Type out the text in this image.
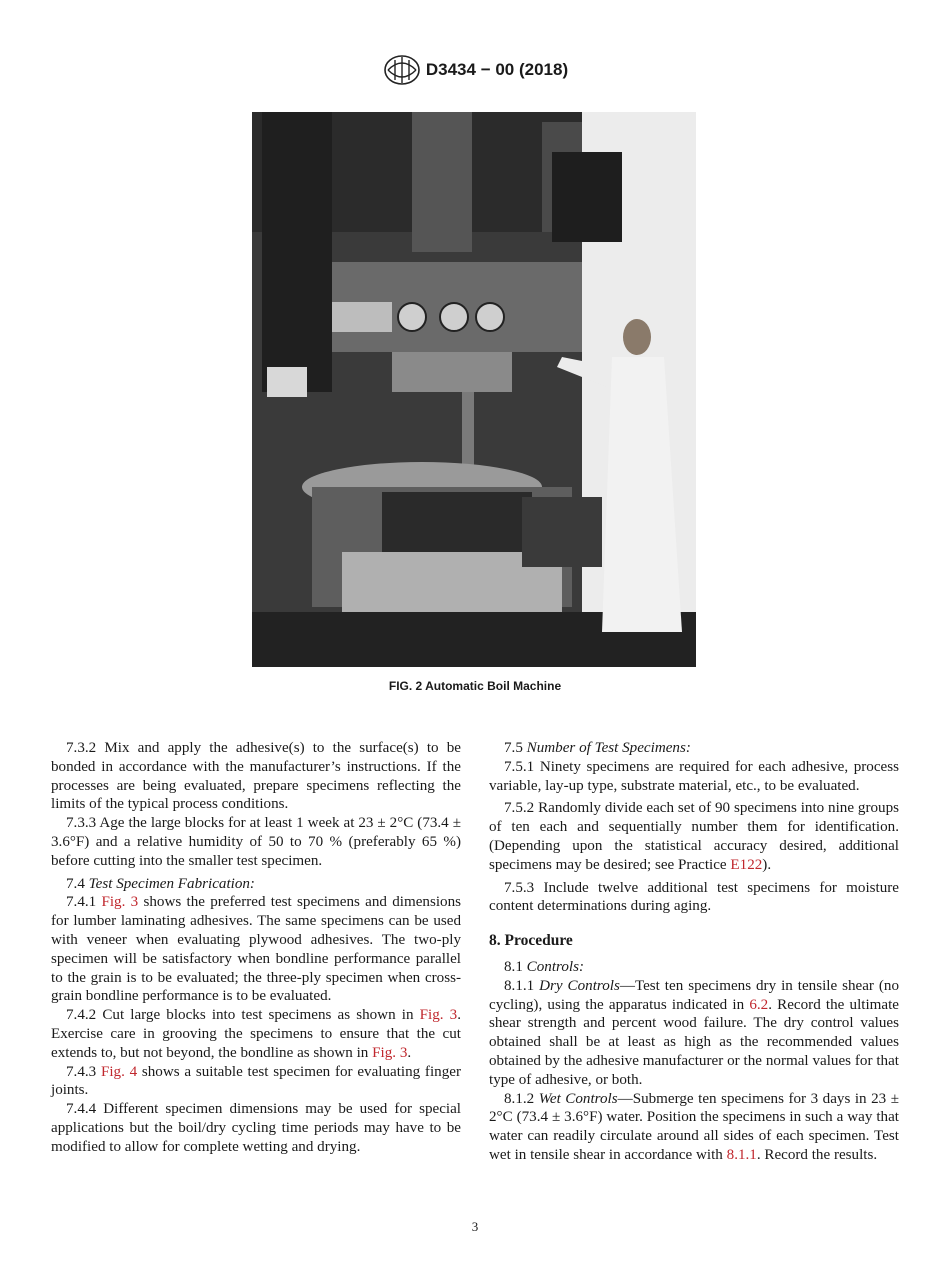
D3434 − 00 (2018)
FIG. 2 Automatic Boil Machine

7.3.2 Mix and apply the adhesive(s) to the surface(s) to be bonded in accordance with the manufacturer’s instructions. If the processes are being evaluated, prepare specimens reflecting the limits of the typical process conditions.

7.3.3 Age the large blocks for at least 1 week at 23 ± 2°C (73.4 ± 3.6°F) and a relative humidity of 50 to 70 % (preferably 65 %) before cutting into the smaller test specimen.

7.4 Test Specimen Fabrication:

7.4.1 Fig. 3 shows the preferred test specimens and dimensions for lumber laminating adhesives. The same specimens can be used with veneer when evaluating plywood adhesives. The two-ply specimen will be satisfactory when bondline performance parallel to the grain is to be evaluated; the three-ply specimen when cross-grain bondline performance is to be evaluated.

7.4.2 Cut large blocks into test specimens as shown in Fig. 3. Exercise care in grooving the specimens to ensure that the cut extends to, but not beyond, the bondline as shown in Fig. 3.

7.4.3 Fig. 4 shows a suitable test specimen for evaluating finger joints.

7.4.4 Different specimen dimensions may be used for special applications but the boil/dry cycling time periods may have to be modified to allow for complete wetting and drying.

7.5 Number of Test Specimens:

7.5.1 Ninety specimens are required for each adhesive, process variable, lay-up type, substrate material, etc., to be evaluated.

7.5.2 Randomly divide each set of 90 specimens into nine groups of ten each and sequentially number them for identification. (Depending upon the statistical accuracy desired, additional specimens may be desired; see Practice E122).

7.5.3 Include twelve additional test specimens for moisture content determinations during aging.

8. Procedure

8.1 Controls:

8.1.1 Dry Controls—Test ten specimens dry in tensile shear (no cycling), using the apparatus indicated in 6.2. Record the ultimate shear strength and percent wood failure. The dry control values obtained shall be at least as high as the recommended values obtained by the adhesive manufacturer or the normal values for that type of adhesive, or both.

8.1.2 Wet Controls—Submerge ten specimens for 3 days in 23 ± 2°C (73.4 ± 3.6°F) water. Position the specimens in such a way that water can readily circulate around all sides of each specimen. Test wet in tensile shear in accordance with 8.1.1. Record the results.

3
